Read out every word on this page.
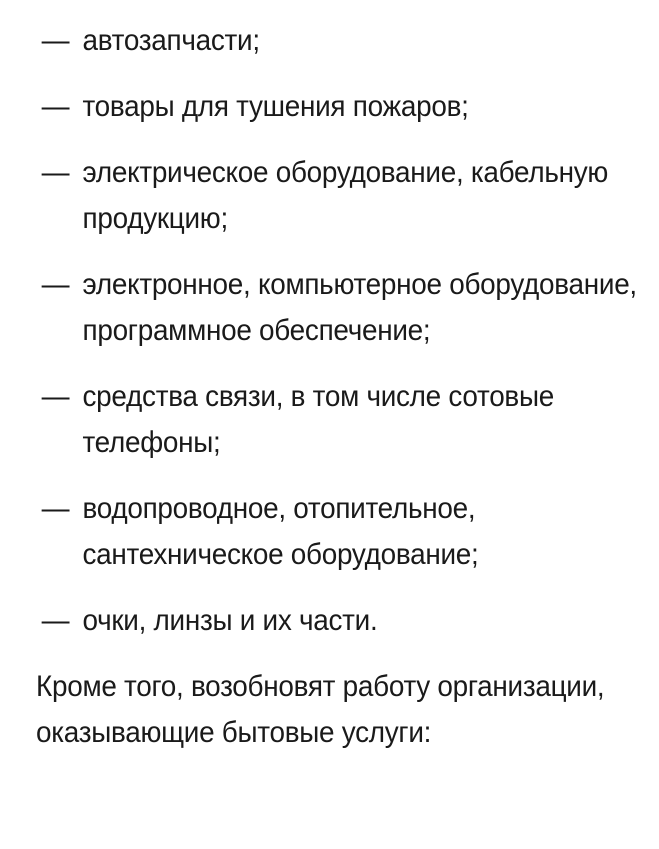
— автозапчасти;
— товары для тушения пожаров;
— электрическое оборудование, кабельную продукцию;
— электронное, компьютерное оборудование, программное обеспечение;
— средства связи, в том числе сотовые телефоны;
— водопроводное, отопительное, сантехническое оборудование;
— очки, линзы и их части.

Кроме того, возобновят работу организации, оказывающие бытовые услуги:
